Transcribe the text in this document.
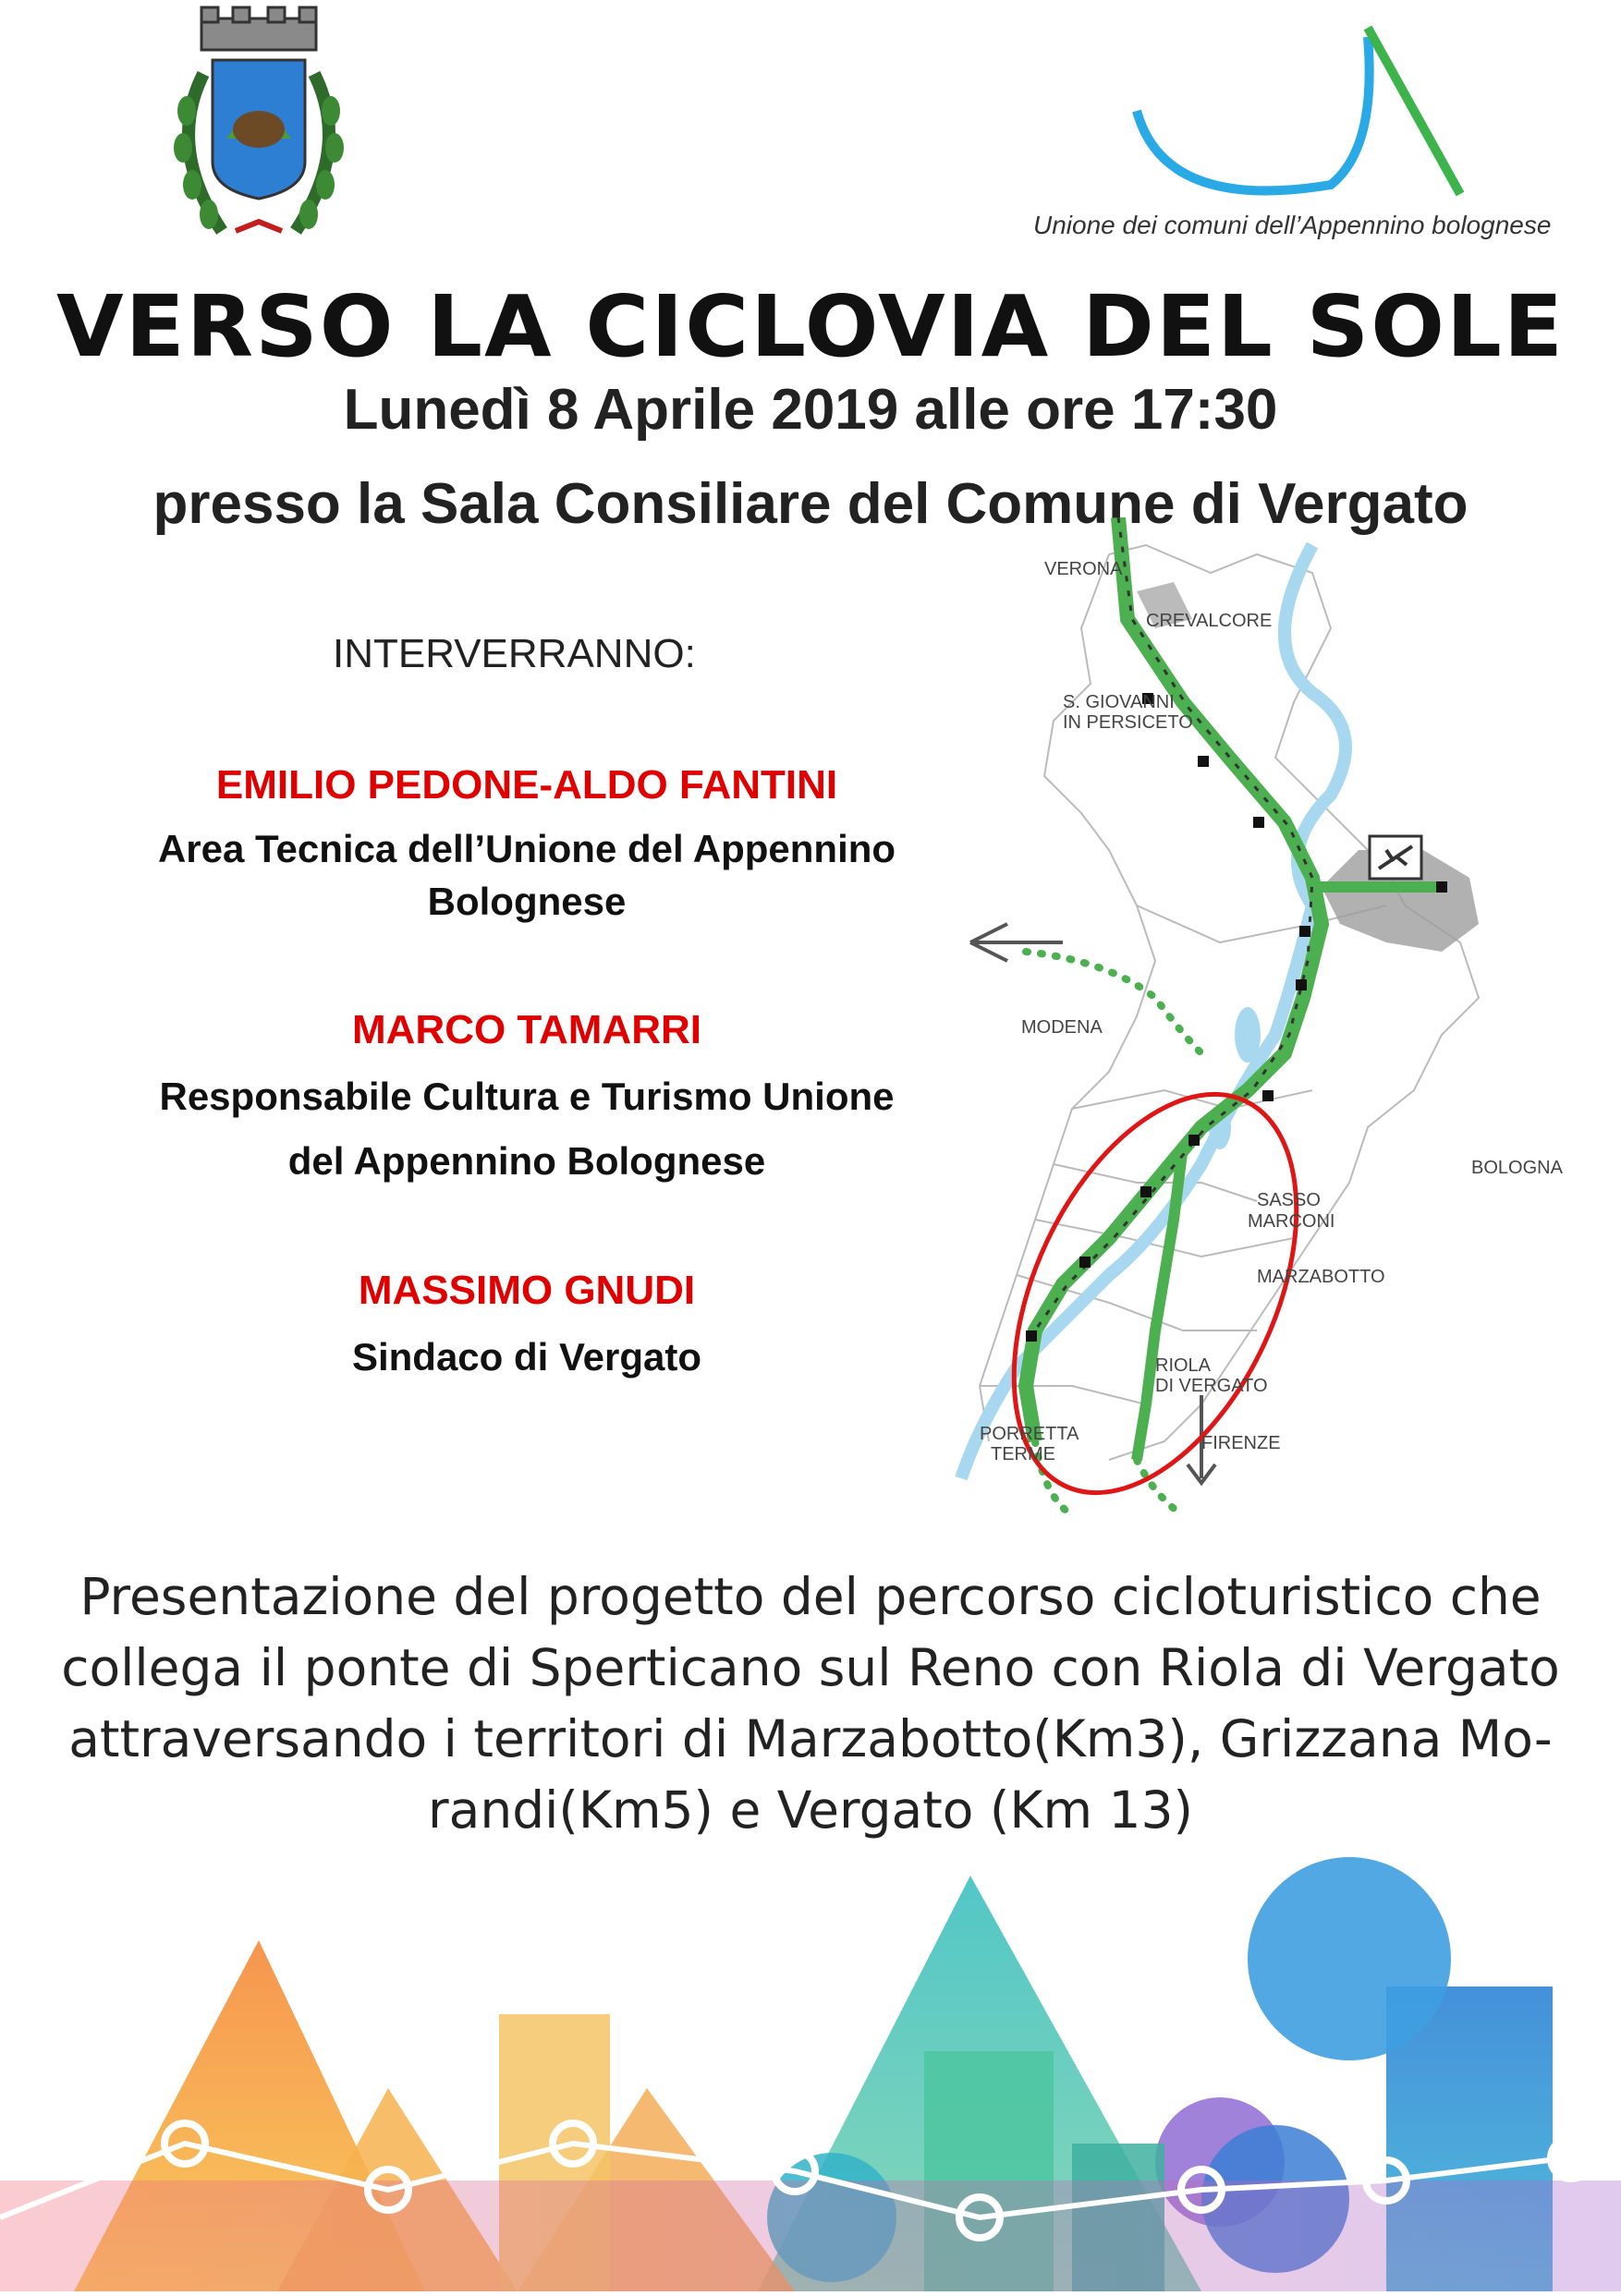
Unione dei comuni dell’Appennino bolognese
VERSO LA CICLOVIA DEL SOLE
Lunedì 8 Aprile 2019 alle ore 17:30
presso la Sala Consiliare del Comune di Vergato
INTERVERRANNO:
EMILIO PEDONE-ALDO FANTINI
Area Tecnica dell’Unione del Appennino
Bolognese
MARCO TAMARRI
Responsabile Cultura e Turismo Unione
del Appennino Bolognese
MASSIMO GNUDI
Sindaco di Vergato
VERONA
CREVALCORE
S. GIOVANNI
IN PERSICETO
MODENA
BOLOGNA
SASSO
MARCONI
MARZABOTTO
RIOLA
DI VERGATO
PORRETTA
TERME
FIRENZE
Presentazione del progetto del percorso cicloturistico che
collega il ponte di Sperticano sul Reno con Riola di Vergato
attraversando i territori di Marzabotto(Km3), Grizzana Mo-
randi(Km5) e Vergato (Km 13)
